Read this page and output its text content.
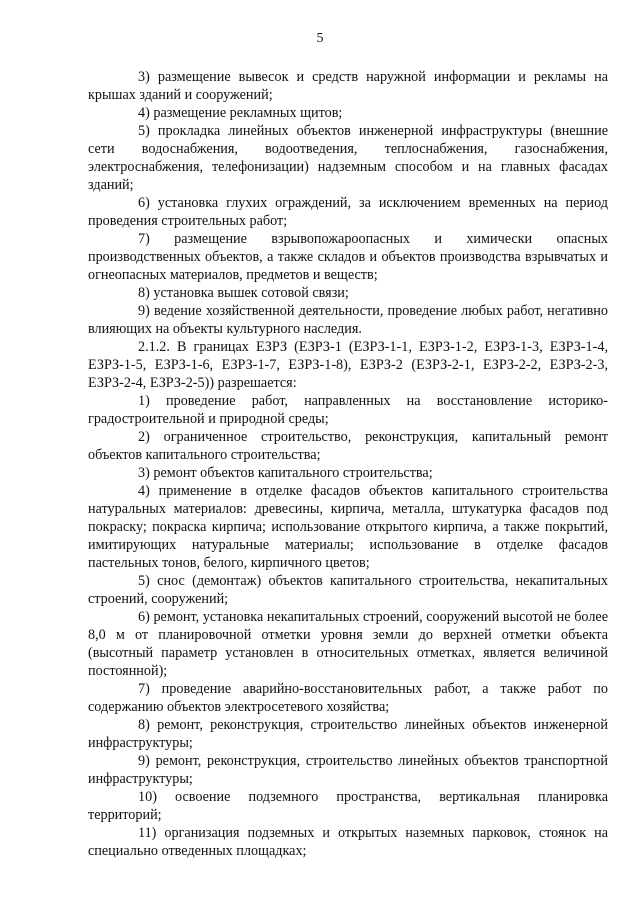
5

3) размещение вывесок и средств наружной информации и рекламы на крышах зданий и сооружений;

4) размещение рекламных щитов;

5) прокладка линейных объектов инженерной инфраструктуры (внешние сети водоснабжения, водоотведения, теплоснабжения, газоснабжения, электроснабжения, телефонизации) надземным способом и на главных фасадах зданий;

6) установка глухих ограждений, за исключением временных на период проведения строительных работ;

7) размещение взрывопожароопасных и химически опасных производственных объектов, а также складов и объектов производства взрывчатых и огнеопасных материалов, предметов и веществ;

8) установка вышек сотовой связи;

9) ведение хозяйственной деятельности, проведение любых работ, негативно влияющих на объекты культурного наследия.

2.1.2. В границах ЕЗРЗ (ЕЗРЗ-1 (ЕЗРЗ-1-1, ЕЗРЗ-1-2, ЕЗРЗ-1-3, ЕЗРЗ-1-4, ЕЗРЗ-1-5, ЕЗРЗ-1-6, ЕЗРЗ-1-7, ЕЗРЗ-1-8), ЕЗРЗ-2 (ЕЗРЗ-2-1, ЕЗРЗ-2-2, ЕЗРЗ-2-3, ЕЗРЗ-2-4, ЕЗРЗ-2-5)) разрешается:

1) проведение работ, направленных на восстановление историко-градостроительной и природной среды;

2) ограниченное строительство, реконструкция, капитальный ремонт объектов капитального строительства;

3) ремонт объектов капитального строительства;

4) применение в отделке фасадов объектов капитального строительства натуральных материалов: древесины, кирпича, металла, штукатурка фасадов под покраску; покраска кирпича; использование открытого кирпича, а также покрытий, имитирующих натуральные материалы; использование в отделке фасадов пастельных тонов, белого, кирпичного цветов;

5) снос (демонтаж) объектов капитального строительства, некапитальных строений, сооружений;

6) ремонт, установка некапитальных строений, сооружений высотой не более 8,0 м от планировочной отметки уровня земли до верхней отметки объекта (высотный параметр установлен в относительных отметках, является величиной постоянной);

7) проведение аварийно-восстановительных работ, а также работ по содержанию объектов электросетевого хозяйства;

8) ремонт, реконструкция, строительство линейных объектов инженерной инфраструктуры;

9) ремонт, реконструкция, строительство линейных объектов транспортной инфраструктуры;

10) освоение подземного пространства, вертикальная планировка территорий;

11) организация подземных и открытых наземных парковок, стоянок на специально отведенных площадках;
